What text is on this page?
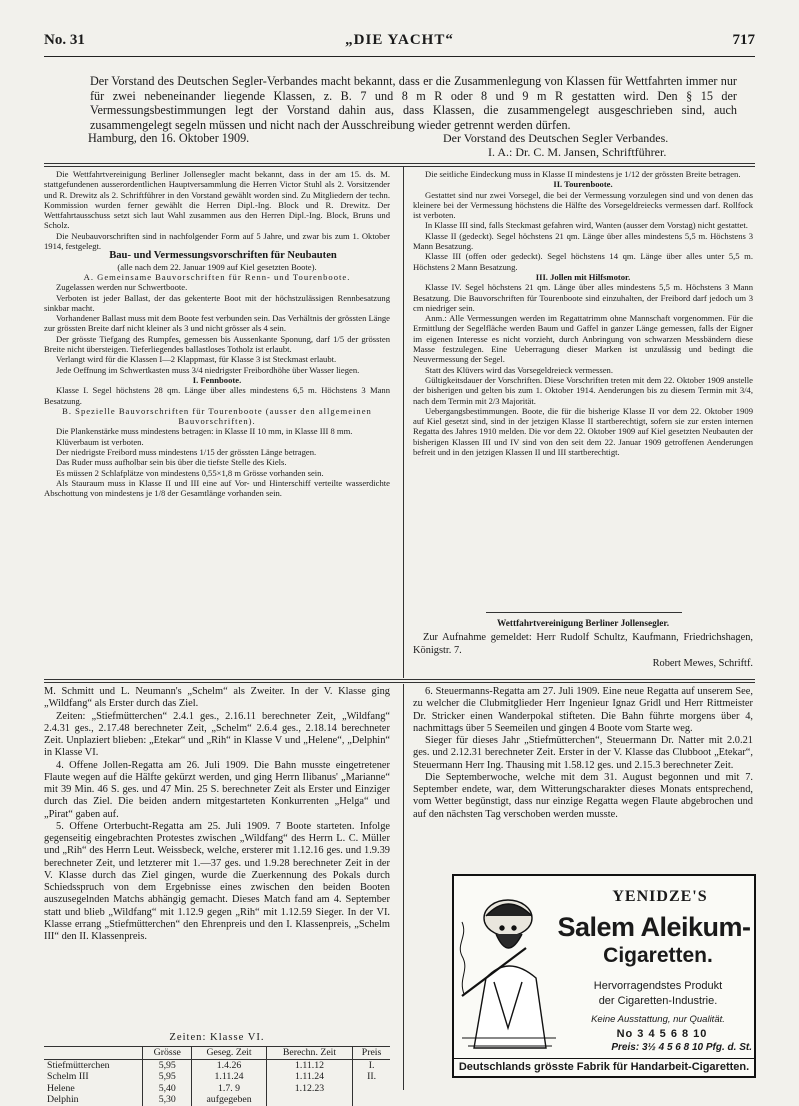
No. 31	„DIE YACHT“	717

Der Vorstand des Deutschen Segler-Verbandes macht bekannt, dass er die Zusammenlegung von Klassen für Wettfahrten immer nur für zwei nebeneinander liegende Klassen, z. B. 7 und 8 m R oder 8 und 9 m R gestatten wird. Den § 15 der Vermessungsbestimmungen legt der Vorstand dahin aus, dass Klassen, die zusammengelegt ausgeschrieben sind, auch zusammengelegt segeln müssen und nicht nach der Ausschreibung wieder getrennt werden dürfen.

Hamburg, den 16. Oktober 1909.	Der Vorstand des Deutschen Segler Verbandes.
I. A.: Dr. C. M. Jansen, Schriftführer.

Die Wettfahrtvereinigung Berliner Jollensegler macht bekannt, dass in der am 15. ds. M. stattgefundenen ausserordentlichen Hauptversammlung die Herren Victor Stuhl als 2. Vorsitzender und R. Drewitz als 2. Schriftführer in den Vorstand gewählt worden sind. Zu Mitgliedern der techn. Kommission wurden ferner gewählt die Herren Dipl.-Ing. Block und R. Drewitz. Der Wettfahrtausschuss setzt sich laut Wahl zusammen aus den Herren Dipl.-Ing. Block, Bruns und Scholz.

Die Neubauvorschriften sind in nachfolgender Form auf 5 Jahre, und zwar bis zum 1. Oktober 1914, festgelegt.

Bau- und Vermessungsvorschriften für Neubauten

(alle nach dem 22. Januar 1909 auf Kiel gesetzten Boote).

A. Gemeinsame Bauvorschriften für Renn- und Tourenboote.

Zugelassen werden nur Schwertboote.

Verboten ist jeder Ballast, der das gekenterte Boot mit der höchstzulässigen Rennbesatzung sinkbar macht.

Vorhandener Ballast muss mit dem Boote fest verbunden sein. Das Verhältnis der grössten Länge zur grössten Breite darf nicht kleiner als 3 und nicht grösser als 4 sein.

Der grösste Tiefgang des Rumpfes, gemessen bis Aussenkante Sponung, darf 1/5 der grössten Breite nicht übersteigen. Tieferliegendes ballastloses Totholz ist erlaubt.

Verlangt wird für die Klassen I—2 Klappmast, für Klasse 3 ist Steckmast erlaubt.

Jede Oeffnung im Schwertkasten muss 3/4 niedrigster Freibordhöhe über Wasser liegen.

I. Fennboote.

Klasse I. Segel höchstens 28 qm. Länge über alles mindestens 6,5 m. Höchstens 3 Mann Besatzung.

B. Spezielle Bauvorschriften für Tourenboote (ausser den allgemeinen Bauvorschriften).

Die Plankenstärke muss mindestens betragen: in Klasse II 10 mm, in Klasse III 8 mm.

Klüverbaum ist verboten.

Der niedrigste Freibord muss mindestens 1/15 der grössten Länge betragen.

Das Ruder muss aufholbar sein bis über die tiefste Stelle des Kiels.

Es müssen 2 Schlafplätze von mindestens 0,55×1,8 m Grösse vorhanden sein.

Als Stauraum muss in Klasse II und III eine auf Vor- und Hinterschiff verteilte wasserdichte Abschottung von mindestens je 1/8 der Gesamtlänge vorhanden sein.

Die seitliche Eindeckung muss in Klasse II mindestens je 1/12 der grössten Breite betragen.

II. Tourenboote.

Gestattet sind nur zwei Vorsegel, die bei der Vermessung vorzulegen sind und von denen das kleinere bei der Vermessung höchstens die Hälfte des Vorsegeldreiecks vermessen darf. Rollfock ist verboten.

In Klasse III sind, falls Steckmast gefahren wird, Wanten (ausser dem Vorstag) nicht gestattet.

Klasse II (gedeckt). Segel höchstens 21 qm. Länge über alles mindestens 5,5 m. Höchstens 3 Mann Besatzung.

Klasse III (offen oder gedeckt). Segel höchstens 14 qm. Länge über alles unter 5,5 m. Höchstens 2 Mann Besatzung.

III. Jollen mit Hilfsmotor.

Klasse IV. Segel höchstens 21 qm. Länge über alles mindestens 5,5 m. Höchstens 3 Mann Besatzung. Die Bauvorschriften für Tourenboote sind einzuhalten, der Freibord darf jedoch um 3 cm niedriger sein.

Anm.: Alle Vermessungen werden im Regattatrimm ohne Mannschaft vorgenommen. Für die Ermittlung der Segelfläche werden Baum und Gaffel in ganzer Länge gemessen, falls der Eigner im eigenen Interesse es nicht vorzieht, durch Anbringung von schwarzen Messbändern diese Masse festzulegen. Eine Ueberragung dieser Marken ist unzulässig und bedingt die Neuvermessung der Segel.

Statt des Klüvers wird das Vorsegeldreieck vermessen.

Gültigkeitsdauer der Vorschriften. Diese Vorschriften treten mit dem 22. Oktober 1909 anstelle der bisherigen und gelten bis zum 1. Oktober 1914. Aenderungen bis zu diesem Termin mit 3/4, nach dem Termin mit 2/3 Majorität.

Uebergangsbestimmungen. Boote, die für die bisherige Klasse II vor dem 22. Oktober 1909 auf Kiel gesetzt sind, sind in der jetzigen Klasse II startberechtigt, sofern sie zur ersten internen Regatta des Jahres 1910 melden. Die vor dem 22. Oktober 1909 auf Kiel gesetzten Neubauten der bisherigen Klassen III und IV sind von den seit dem 22. Januar 1909 getroffenen Aenderungen befreit und in den jetzigen Klassen II und III startberechtigt.

Wettfahrtvereinigung Berliner Jollensegler.

Zur Aufnahme gemeldet: Herr Rudolf Schultz, Kaufmann, Friedrichshagen, Königstr. 7.

Robert Mewes, Schriftf.

M. Schmitt und L. Neumann's „Schelm“ als Zweiter. In der V. Klasse ging „Wildfang“ als Erster durch das Ziel.

Zeiten: „Stiefmütterchen“ 2.4.1 ges., 2.16.11 berechneter Zeit, „Wildfang“ 2.4.31 ges., 2.17.48 berechneter Zeit, „Schelm“ 2.6.4 ges., 2.18.14 berechneter Zeit. Unplaziert blieben: „Etekar“ und „Rih“ in Klasse V und „Helene“, „Delphin“ in Klasse VI.

4. Offene Jollen-Regatta am 26. Juli 1909. Die Bahn musste eingetretener Flaute wegen auf die Hälfte gekürzt werden, und ging Herrn Ilibanus' „Marianne“ mit 39 Min. 46 S. ges. und 47 Min. 25 S. berechneter Zeit als Erster und Einziger durch das Ziel. Die beiden andern mitgestarteten Konkurrenten „Helga“ und „Pirat“ gaben auf.

5. Offene Orterbucht-Regatta am 25. Juli 1909. 7 Boote starteten. Infolge gegenseitig eingebrachten Protestes zwischen „Wildfang“ des Herrn L. C. Müller und „Rih“ des Herrn Leut. Weissbeck, welche, ersterer mit 1.12.16 ges. und 1.9.39 berechneter Zeit, und letzterer mit 1.—37 ges. und 1.9.28 berechneter Zeit in der V. Klasse durch das Ziel gingen, wurde die Zuerkennung des Pokals durch Schiedsspruch von dem Ergebnisse eines zwischen den beiden Booten auszusegelnden Matchs abhängig gemacht. Dieses Match fand am 4. September statt und blieb „Wildfang“ mit 1.12.9 gegen „Rih“ mit 1.12.59 Sieger. In der VI. Klasse errang „Stiefmütterchen“ den Ehrenpreis und den I. Klassenpreis, „Schelm III“ den II. Klassenpreis.

Zeiten: Klasse VI.
	Grösse	Geseg. Zeit	Berechn. Zeit	Preis
Stiefmütterchen	5,95	1.4.26	1.11.12	I.
Schelm III	5,95	1.11.24	1.11.24	II.
Helene	5,40	1.7. 9	1.12.23	
Delphin	5,30	aufgegeben		

6. Steuermanns-Regatta am 27. Juli 1909. Eine neue Regatta auf unserem See, zu welcher die Clubmitglieder Herr Ingenieur Ignaz Gridl und Herr Rittmeister Dr. Stricker einen Wanderpokal stifteten. Die Bahn führte morgens über 4, nachmittags über 5 Seemeilen und gingen 4 Boote vom Starte weg.

Sieger für dieses Jahr „Stiefmütterchen“, Steuermann Dr. Natter mit 2.0.21 ges. und 2.12.31 berechneter Zeit. Erster in der V. Klasse das Clubboot „Etekar“, Steuermann Herr Ing. Thausing mit 1.58.12 ges. und 2.15.3 berechneter Zeit.

Die Septemberwoche, welche mit dem 31. August begonnen und mit 7. September endete, war, dem Witterungscharakter dieses Monats entsprechend, vom Wetter begünstigt, dass nur einzige Regatta wegen Flaute abgebrochen und auf den nächsten Tag verschoben werden musste.

YENIDZE'S
Salem Aleikum-
Cigaretten.
Hervorragendstes Produkt
der Cigaretten-Industrie.
Keine Ausstattung, nur Qualität.
No 3 4 5 6 8 10
Preis: 3½ 4 5 6 8 10 Pfg. d. St.
Deutschlands grösste Fabrik für Handarbeit-Cigaretten.
